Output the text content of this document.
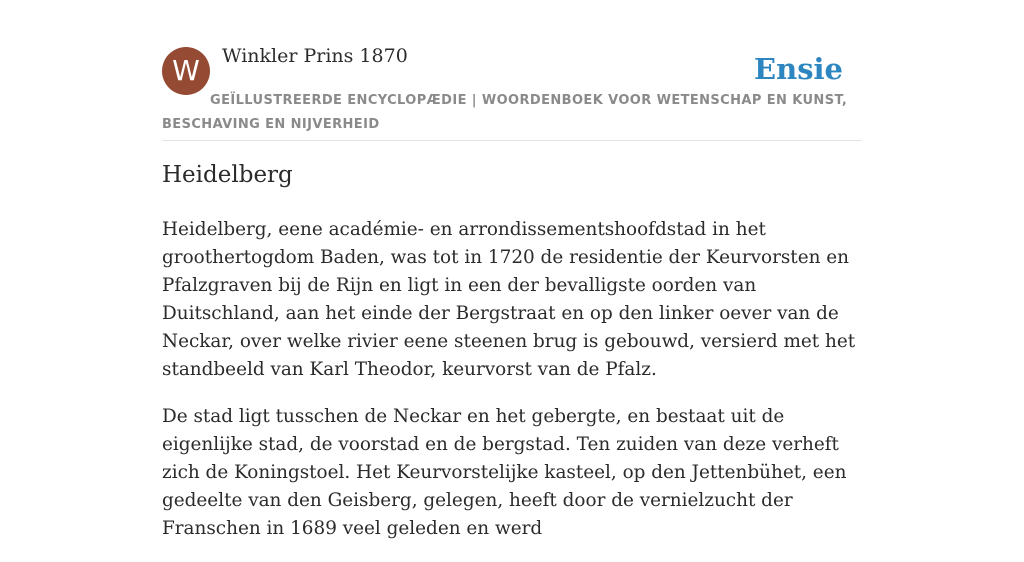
W	Winkler Prins 1870	Ensie
GEÏLLUSTREERDE ENCYCLOPÆDIE | WOORDENBOEK VOOR WETENSCHAP EN KUNST, BESCHAVING EN NIJVERHEID
Heidelberg

Heidelberg, eene académie- en arrondissementshoofdstad in het groothertogdom Baden, was tot in 1720 de residentie der Keurvorsten en Pfalzgraven bij de Rijn en ligt in een der bevalligste oorden van Duitschland, aan het einde der Bergstraat en op den linker oever van de Neckar, over welke rivier eene steenen brug is gebouwd, versierd met het standbeeld van Karl Theodor, keurvorst van de Pfalz.

De stad ligt tusschen de Neckar en het gebergte, en bestaat uit de eigenlijke stad, de voorstad en de bergstad. Ten zuiden van deze verheft zich de Koningstoel. Het Keurvorstelijke kasteel, op den Jettenbühet, een gedeelte van den Geisberg, gelegen, heeft door de vernielzucht der Franschen in 1689 veel geleden en werd
